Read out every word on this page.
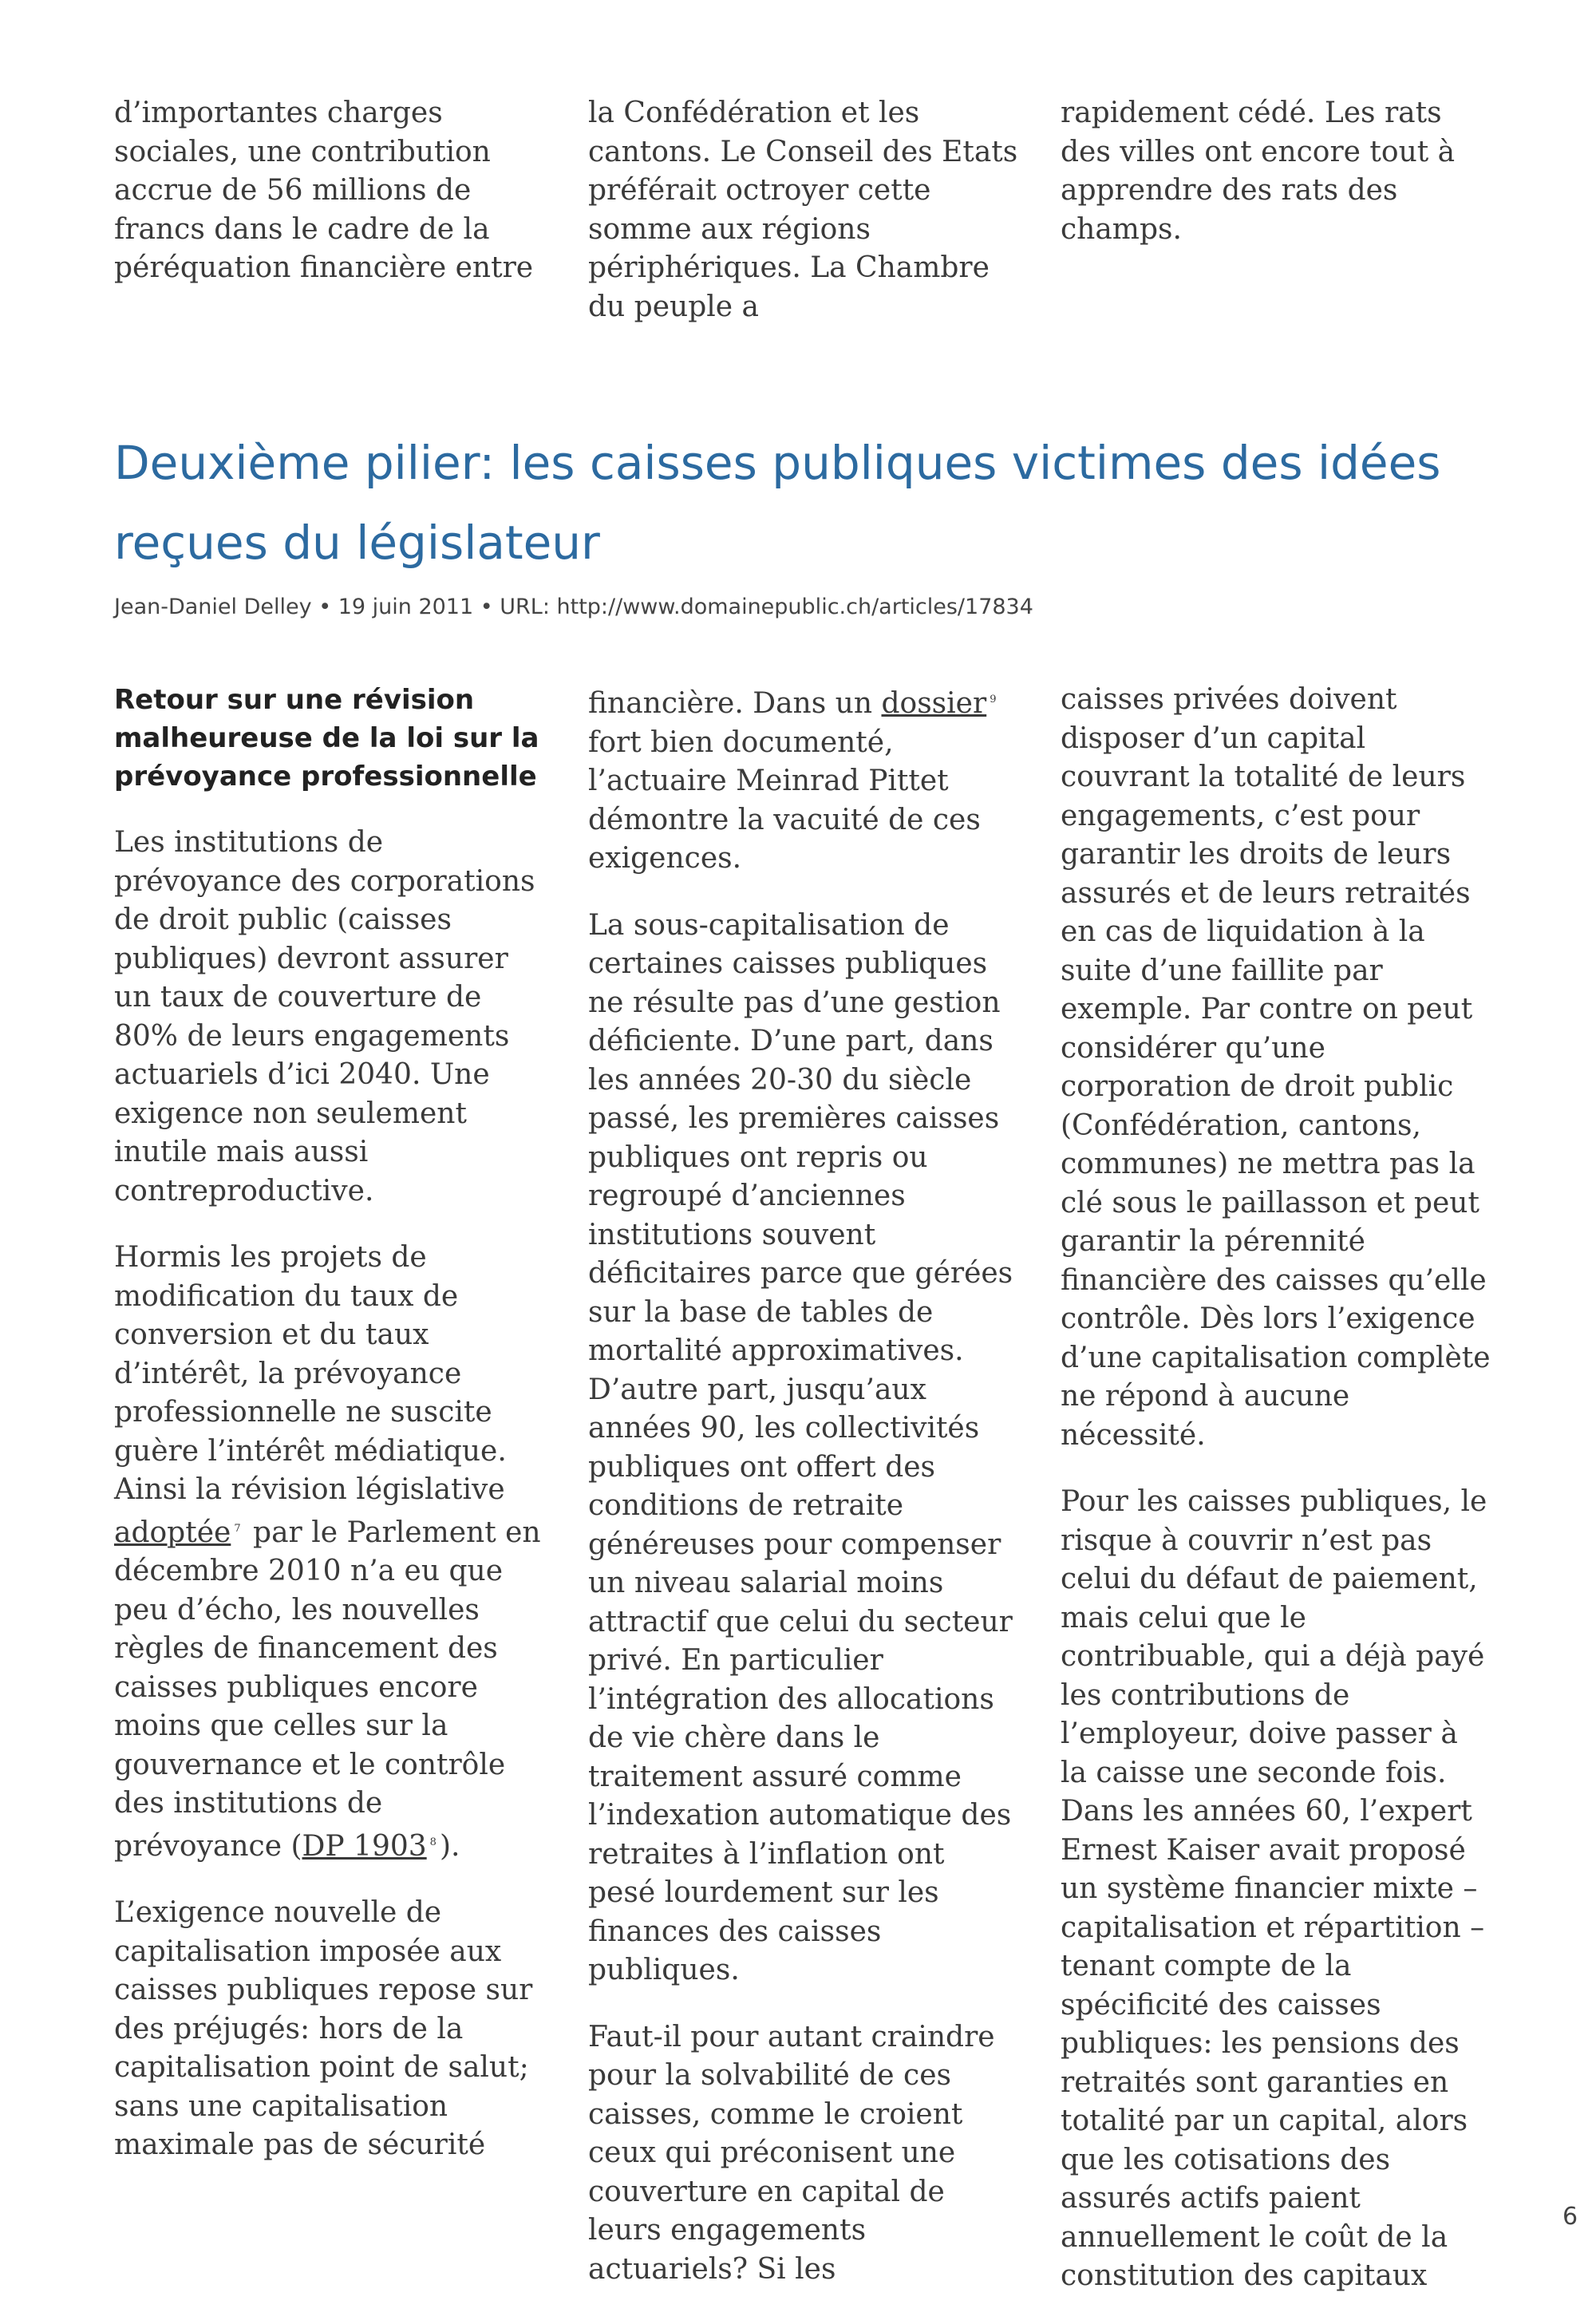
d’importantes charges sociales, une contribution accrue de 56 millions de francs dans le cadre de la péréquation financière entre

la Confédération et les cantons. Le Conseil des Etats préférait octroyer cette somme aux régions périphériques. La Chambre du peuple a

rapidement cédé. Les rats des villes ont encore tout à apprendre des rats des champs.

Deuxième pilier: les caisses publiques victimes des idées reçues du législateur
Jean-Daniel Delley • 19 juin 2011 • URL: http://www.domainepublic.ch/articles/17834

Retour sur une révision malheureuse de la loi sur la prévoyance professionnelle

Les institutions de prévoyance des corporations de droit public (caisses publiques) devront assurer un taux de couverture de 80% de leurs engagements actuariels d’ici 2040. Une exigence non seulement inutile mais aussi contreproductive.

Hormis les projets de modification du taux de conversion et du taux d’intérêt, la prévoyance professionnelle ne suscite guère l’intérêt médiatique. Ainsi la révision législative adoptée $^7$ par le Parlement en décembre 2010 n’a eu que peu d’écho, les nouvelles règles de financement des caisses publiques encore moins que celles sur la gouvernance et le contrôle des institutions de prévoyance (DP 1903 $^8$ ).

L’exigence nouvelle de capitalisation imposée aux caisses publiques repose sur des préjugés: hors de la capitalisation point de salut; sans une capitalisation maximale pas de sécurité

financière. Dans un dossier $^9$ fort bien documenté, l’actuaire Meinrad Pittet démontre la vacuité de ces exigences.

La sous-capitalisation de certaines caisses publiques ne résulte pas d’une gestion déficiente. D’une part, dans les années 20-30 du siècle passé, les premières caisses publiques ont repris ou regroupé d’anciennes institutions souvent déficitaires parce que gérées sur la base de tables de mortalité approximatives. D’autre part, jusqu’aux années 90, les collectivités publiques ont offert des conditions de retraite généreuses pour compenser un niveau salarial moins attractif que celui du secteur privé. En particulier l’intégration des allocations de vie chère dans le traitement assuré comme l’indexation automatique des retraites à l’inflation ont pesé lourdement sur les finances des caisses publiques.

Faut-il pour autant craindre pour la solvabilité de ces caisses, comme le croient ceux qui préconisent une couverture en capital de leurs engagements actuariels? Si les

caisses privées doivent disposer d’un capital couvrant la totalité de leurs engagements, c’est pour garantir les droits de leurs assurés et de leurs retraités en cas de liquidation à la suite d’une faillite par exemple. Par contre on peut considérer qu’une corporation de droit public (Confédération, cantons, communes) ne mettra pas la clé sous le paillasson et peut garantir la pérennité financière des caisses qu’elle contrôle. Dès lors l’exigence d’une capitalisation complète ne répond à aucune nécessité.

Pour les caisses publiques, le risque à couvrir n’est pas celui du défaut de paiement, mais celui que le contribuable, qui a déjà payé les contributions de l’employeur, doive passer à la caisse une seconde fois. Dans les années 60, l’expert Ernest Kaiser avait proposé un système financier mixte – capitalisation et répartition – tenant compte de la spécificité des caisses publiques: les pensions des retraités sont garanties en totalité par un capital, alors que les cotisations des assurés actifs paient annuellement le coût de la constitution des capitaux

6
